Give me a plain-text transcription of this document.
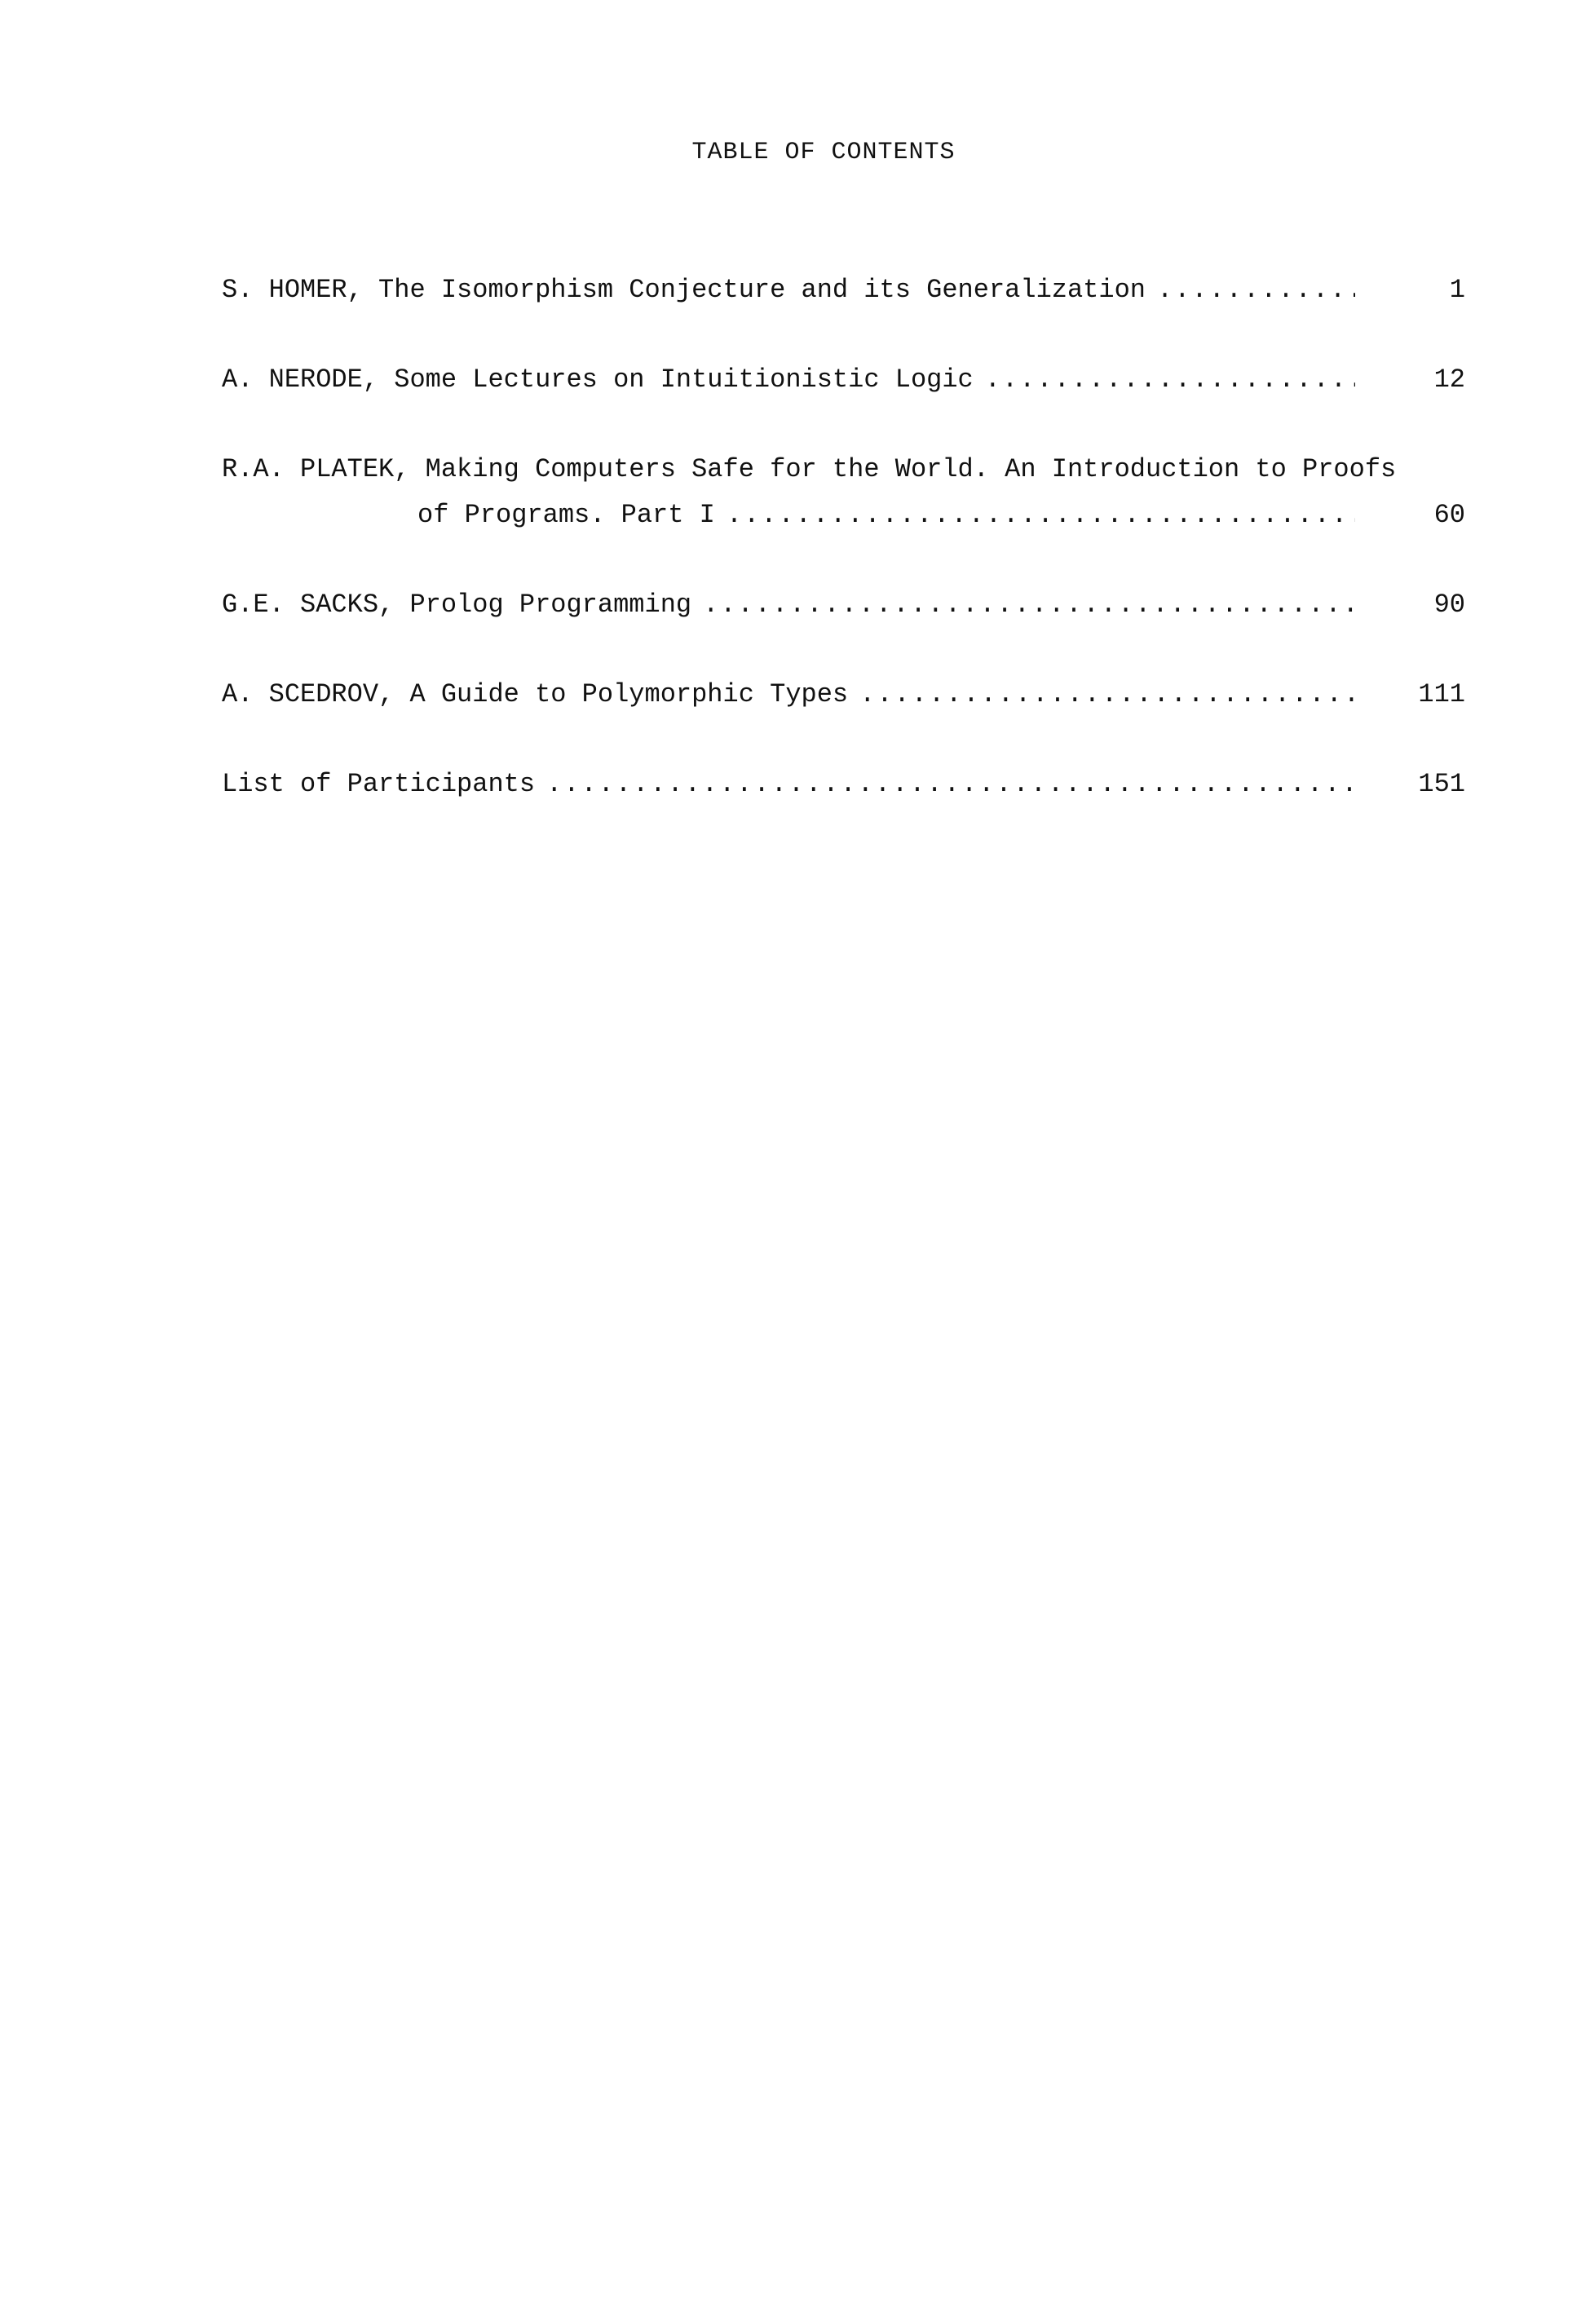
TABLE OF CONTENTS
S. HOMER, The Isomorphism Conjecture and its Generalization .....	1
A. NERODE, Some Lectures on Intuitionistic Logic .....	12
R.A. PLATEK, Making Computers Safe for the World. An Introduction to Proofs
of Programs. Part I .....	60
G.E. SACKS, Prolog Programming .....	90
A. SCEDROV, A Guide to Polymorphic Types .....	111
List of Participants .....	151
